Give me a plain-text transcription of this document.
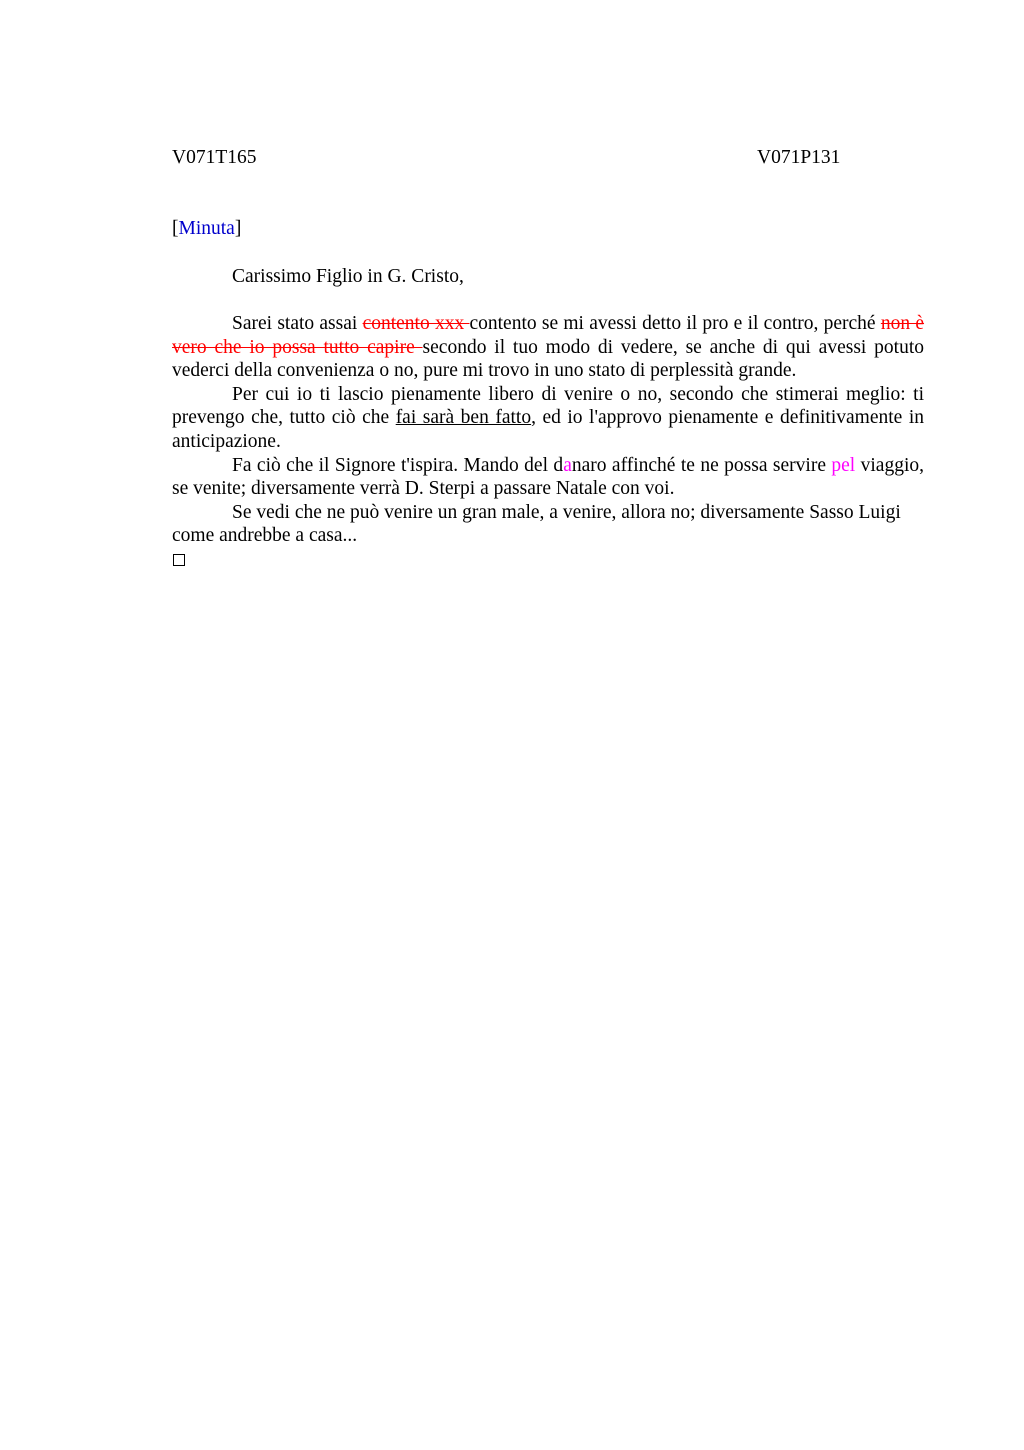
V071T165	V071P131
[Minuta]
Carissimo Figlio in G. Cristo,

Sarei stato assai contento xxx contento se mi avessi detto il pro e il contro, perché non è vero che io possa tutto capire secondo il tuo modo di vedere, se anche di qui avessi potuto vederci della convenienza o no, pure mi trovo in uno stato di perplessità grande.

Per cui io ti lascio pienamente libero di venire o no, secondo che stimerai meglio: ti prevengo che, tutto ciò che fai sarà ben fatto, ed io l'approvo pienamente e definitivamente in anticipazione.

Fa ciò che il Signore t'ispira. Mando del danaro affinché te ne possa servire pel viaggio, se venite; diversamente verrà D. Sterpi a passare Natale con voi.

Se vedi che ne può venire un gran male, a venire, allora no; diversamente Sasso Luigi come andrebbe a casa...
